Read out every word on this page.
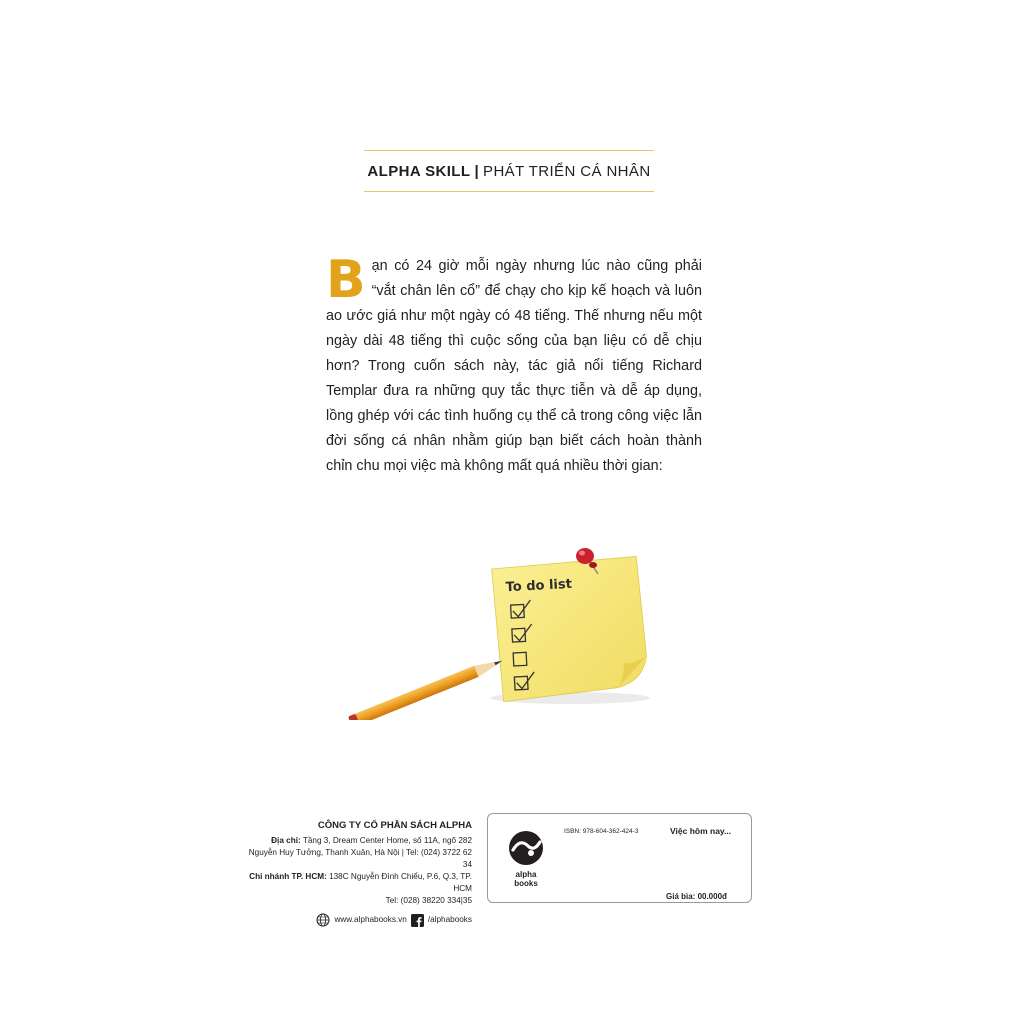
ALPHA SKILL | PHÁT TRIỂN CÁ NHÂN
B ạn có 24 giờ mỗi ngày nhưng lúc nào cũng phải “vắt chân lên cổ” để chạy cho kịp kế hoạch và luôn ao ước giá như một ngày có 48 tiếng. Thế nhưng nếu một ngày dài 48 tiếng thì cuộc sống của bạn liệu có dễ chịu hơn? Trong cuốn sách này, tác giả nổi tiếng Richard Templar đưa ra những quy tắc thực tiễn và dễ áp dụng, lồng ghép với các tình huống cụ thể cả trong công việc lẫn đời sống cá nhân nhằm giúp bạn biết cách hoàn thành chỉn chu mọi việc mà không mất quá nhiều thời gian:
To do list
CÔNG TY CỔ PHẦN SÁCH ALPHA
Địa chỉ: Tầng 3, Dream Center Home, số 11A, ngõ 282
Nguyễn Huy Tưởng, Thanh Xuân, Hà Nội | Tel: (024) 3722 62 34
Chi nhánh TP. HCM: 138C Nguyễn Đình Chiểu, P.6, Q.3, TP. HCM
Tel: (028) 38220 334|35
www.alphabooks.vn	/alphabooks
alpha
books
ISBN: 978-604-362-424-3	Việc hôm nay...
Giá bìa: 00.000đ
